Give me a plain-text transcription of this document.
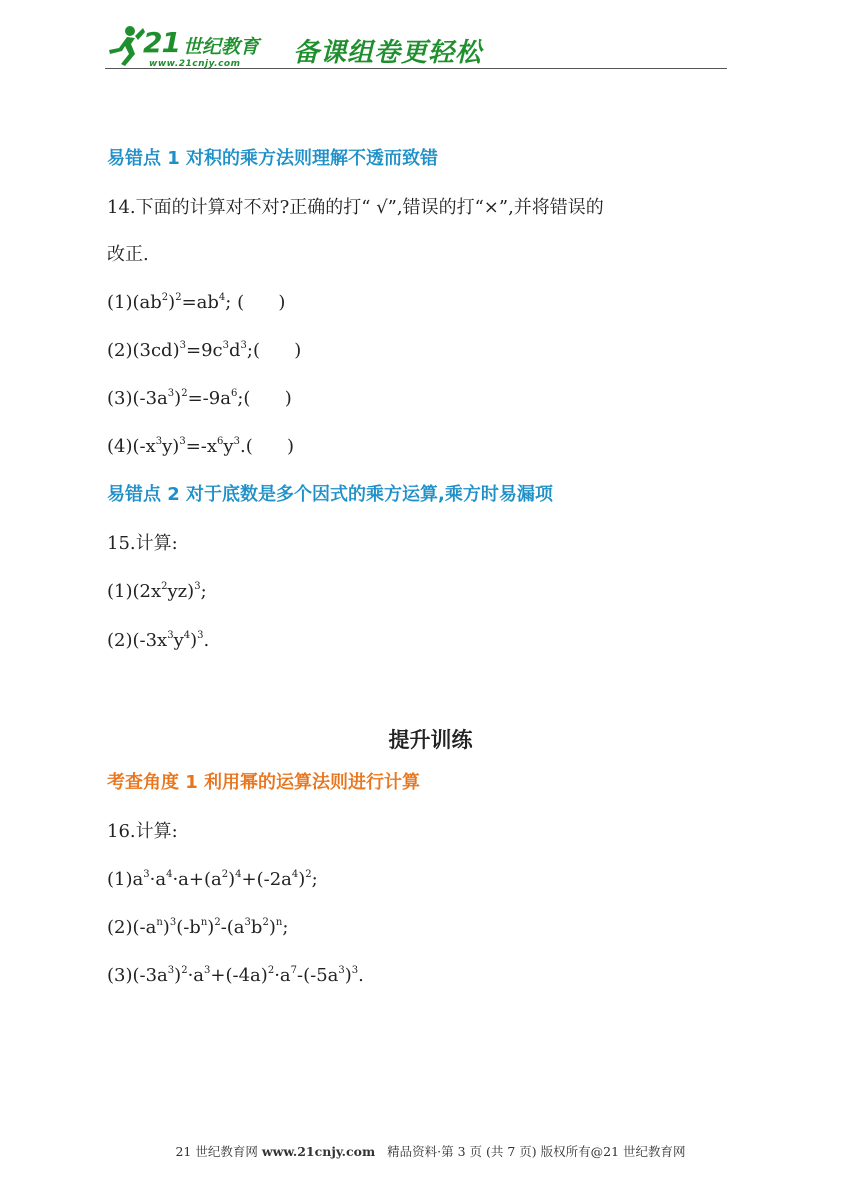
21 世纪教育
www.21cnjy.com 备课组卷更轻松
易错点 1 对积的乘方法则理解不透而致错
14.下面的计算对不对?正确的打“ √”,错误的打“×”,并将错误的
改正.
$(1)(ab^2)^2=ab^4$; (      )
$(2)(3cd)^3=9c^3d^3$;(      )
$(3)(-3a^3)^2=-9a^6$;(      )
$(4)(-x^3y)^3=-x^6y^3$.(      )
易错点 2 对于底数是多个因式的乘方运算,乘方时易漏项
15.计算:
$(1)(2x^2yz)^3$;
$(2)(-3x^3y^4)^3$.
提升训练
考查角度 1 利用幂的运算法则进行计算
16.计算:
$(1)a^3\cdot a^4\cdot a+(a^2)^4+(-2a^4)^2$;
$(2)(-a^n)^3(-b^n)^2-(a^3b^2)^n$;
$(3)(-3a^3)^2\cdot a^3+(-4a)^2\cdot a^7-(-5a^3)^3$.
21 世纪教育网 www.21cnjy.com 精品资料·第 3 页 (共 7 页) 版权所有@21 世纪教育网
